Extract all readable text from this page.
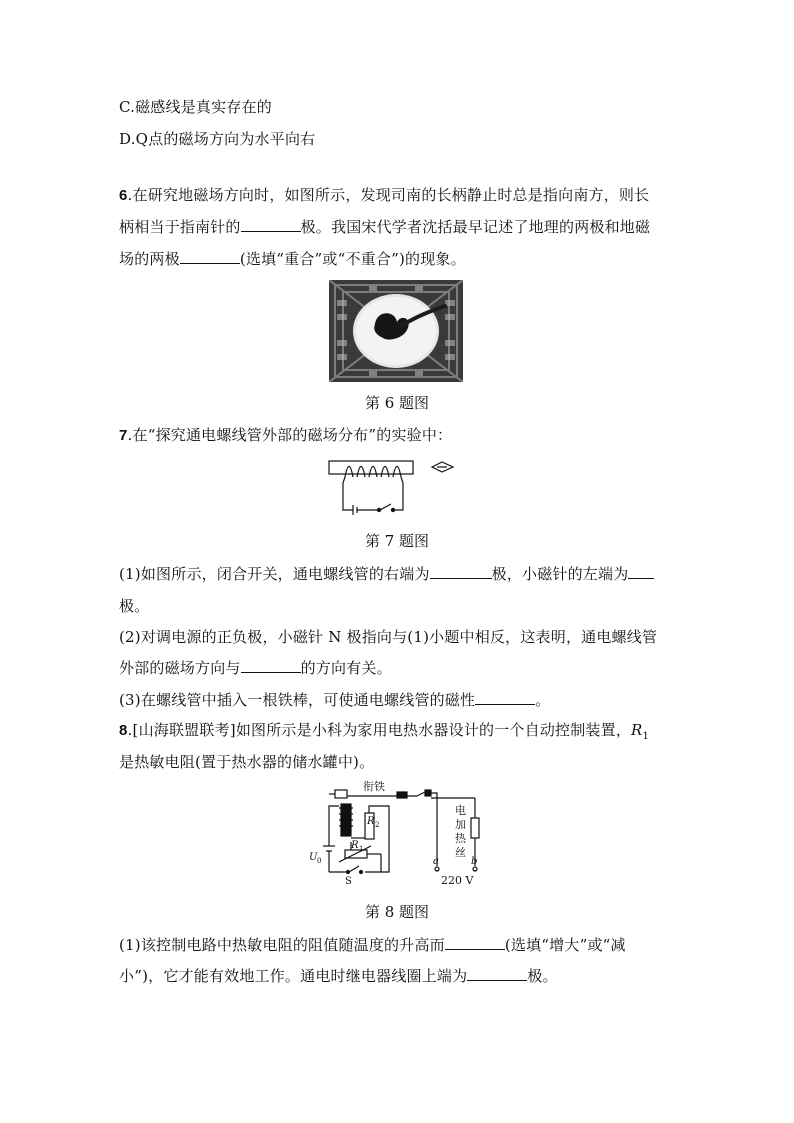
C.磁感线是真实存在的

D.Q点的磁场方向为水平向右

6.在研究地磁场方向时，如图所示，发现司南的长柄静止时总是指向南方，则长

柄相当于指南针的	极。我国宋代学者沈括最早记述了地理的两极和地磁

场的两极	(选填“重合”或“不重合”)的现象。

第 6 题图

7.在“探究通电螺线管外部的磁场分布”的实验中：

第 7 题图

(1)如图所示，闭合开关，通电螺线管的右端为	极，小磁针的左端为

极。

(2)对调电源的正负极，小磁针 N 极指向与(1)小题中相反，这表明，通电螺线管

外部的磁场方向与	的方向有关。

(3)在螺线管中插入一根铁棒，可使通电螺线管的磁性	。

8.[山海联盟联考]如图所示是小科为家用电热水器设计的一个自动控制装置，$R_1$

是热敏电阻(置于热水器的储水罐中)。

衔铁
电
加
热
丝
R 2
R 1
U 0
S
a	b
220 V

第 8 题图

(1)该控制电路中热敏电阻的阻值随温度的升高而	(选填“增大”或“减

小”)，它才能有效地工作。通电时继电器线圈上端为	极。
